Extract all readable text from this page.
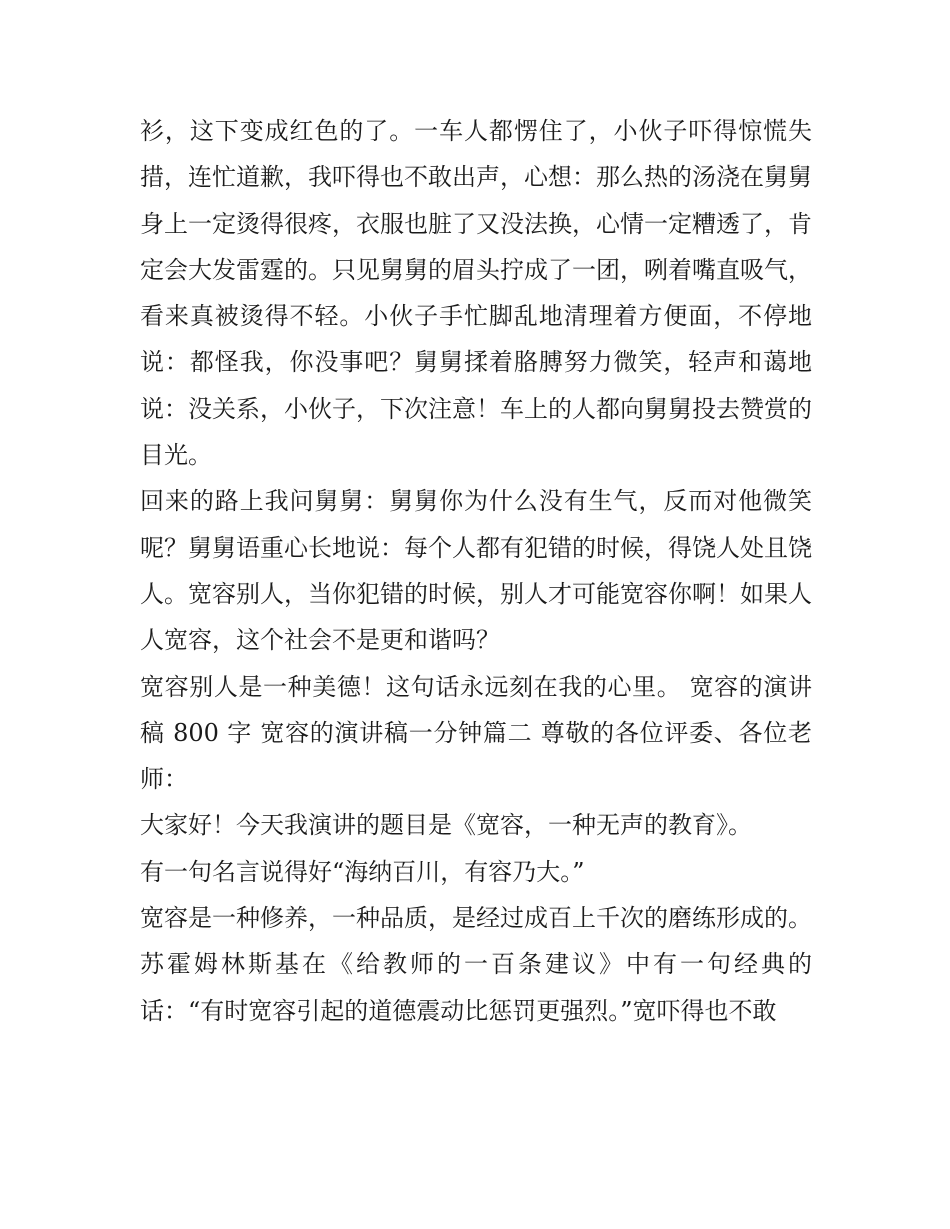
衫，这下变成红色的了。一车人都愣住了，小伙子吓得惊慌失措，连忙道歉，我吓得也不敢出声，心想：那么热的汤浇在舅舅身上一定烫得很疼，衣服也脏了又没法换，心情一定糟透了，肯定会大发雷霆的。只见舅舅的眉头拧成了一团，咧着嘴直吸气，看来真被烫得不轻。小伙子手忙脚乱地清理着方便面，不停地说：都怪我，你没事吧？舅舅揉着胳膊努力微笑，轻声和蔼地说：没关系，小伙子，下次注意！车上的人都向舅舅投去赞赏的目光。

回来的路上我问舅舅：舅舅你为什么没有生气，反而对他微笑呢？舅舅语重心长地说：每个人都有犯错的时候，得饶人处且饶人。宽容别人，当你犯错的时候，别人才可能宽容你啊！如果人人宽容，这个社会不是更和谐吗？

宽容别人是一种美德！这句话永远刻在我的心里。 宽容的演讲稿 800 字 宽容的演讲稿一分钟篇二 尊敬的各位评委、各位老师：

大家好！今天我演讲的题目是《宽容，一种无声的教育》。

有一句名言说得好“海纳百川，有容乃大。”

宽容是一种修养，一种品质，是经过成百上千次的磨练形成的。苏霍姆林斯基在《给教师的一百条建议》中有一句经典的话：“有时宽容引起的道德震动比惩罚更强烈。”宽吓得也不敢
